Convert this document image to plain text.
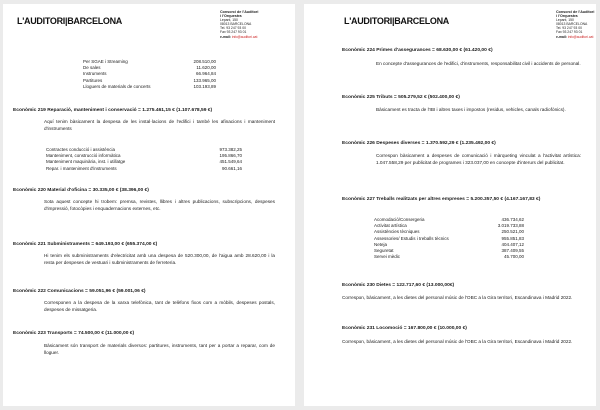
L'AUDITORI|BARCELONA
Consorci de l'Auditori
i l'Orquestra
Lepant, 150
08013 BARCELONA
Tel. 93 247 93 00
Fax 93 247 93 01
e-mail: info@auditori.cat
Per SGAE i Streaming	208.510,00
De sales	11.620,00
Instruments	66.964,84
Partitures	133.965,00
Lloguers de materials de concerts	103.193,89
Econòmic 219 Reparació, manteniment i conservació = 1.275.461,15 € (1.107.678,59 €)
Aquí tenim bàsicament la despesa de les instal·lacions de l'edifici i també les afinacions i manteniment d'instruments
Contractes conducció i assistència	973.382,25
Manteniment, construcció informàtica	195.866,70
Manteniment maquinària, inst. i utillatge	451.549,64
Repar. i manteniment d'instruments	90.661,16
Econòmic 220 Material d'oficina = 30.335,00 € (38.396,00 €)
Sota aquest concepte hi trobem: premsa, revistes, llibres i altres publicacions, subscripcions, despeses d'impressió, fotocòpies i enquadernacions externes, etc.
Econòmic 221 Subministraments = 649.193,00 € (655.374,00 €)
Hi tenim els subministraments d'electricitat amb una despesa de 520.300,00, de l'aigua amb 28.620,00 i la resta per despeses de vestuari i subministraments de ferreteria.
Econòmic 222 Comunicacions = 59.051,96 € (59.001,06 €)
Corresponen a la despesa de la xarxa telefònica, tant de telèfons fixos com a mòbils, despeses postals, despeses de missatgeria.
Econòmic 223 Transports = 74.500,00 € (11.000,00 €)
Bàsicament són transport de materials diversos: partitures, instruments, tant per a portar a reparar, com de lloguer.
L'AUDITORI|BARCELONA
Consorci de l'Auditori
i l'Orquestra
Lepant, 150
08013 BARCELONA
Tel. 93 247 93 00
Fax 93 247 93 01
e-mail: info@auditori.cat
Econòmic 224 Primes d'assegurances = 68.630,00 € (61.420,00 €)
En concepte d'assegurances de l'edifici, d'instruments, responsabilitat civil i accidents de personal.
Econòmic 225 Tributs = 505.279,52 € (502.400,00 €)
Bàsicament es tracta de l'IBI i altres taxes i impostos (residus, vehicles, canals radiofònics).
Econòmic 226 Despeses diverses = 1.370.592,29 € (1.235.492,00 €)
Correspon bàsicament a despeses de comunicació i màrqueting vinculat a l'activitat artística: 1.047.558,29 per publicitat de programes i 323.037,00 en concepte d'interurs del publicitat.
Econòmic 227 Treballs realitzats per altres empreses = 5.200.357,50 € (4.167.167,83 €)
Acomodació/Consergeria	436.734,62
Activitat artística	3.019.733,88
Assistències tècniques	250.521,00
Assessories/ Estudis i treballs tècnics	955.851,83
Neteja	404.407,12
Seguretat	387.409,55
Servei mèdic	45.700,00
Econòmic 230 Dietes = 122.717,60 € (13.000,00€)
Correspon, bàsicament, a les dietes del personal músic de l'OBC a la Gira territori, Escandinava i Madrid 2022.
Econòmic 231 Locomoció = 167.800,00 € (10.000,00 €)
Correspon, bàsicament, a les dietes del personal músic de l'OBC a la Gira territori, Escandinava i Madrid 2022.
